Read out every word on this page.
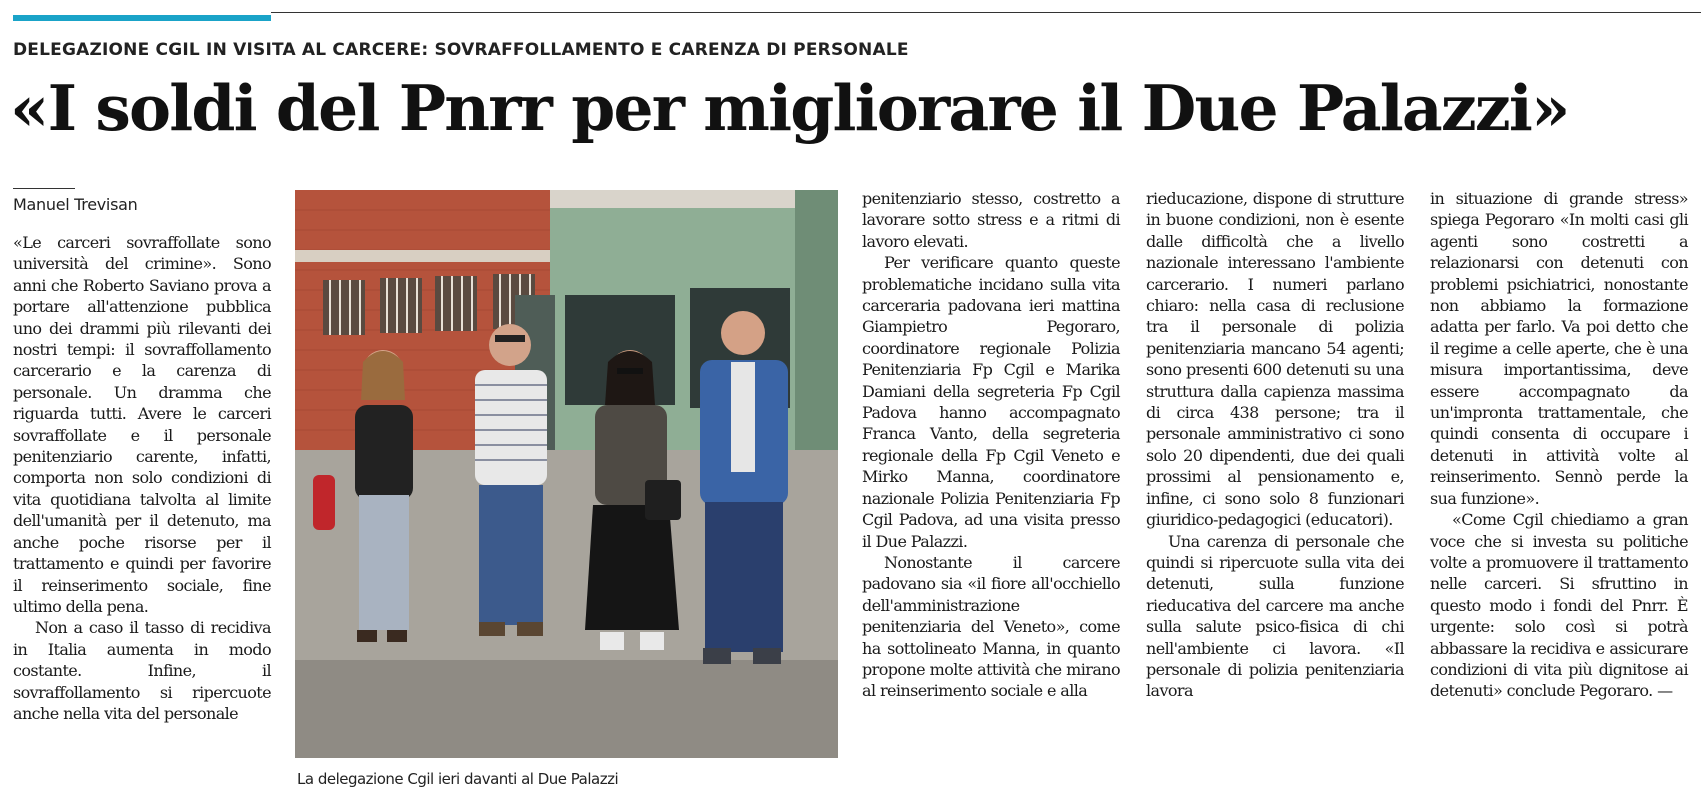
DELEGAZIONE CGIL IN VISITA AL CARCERE: SOVRAFFOLLAMENTO E CARENZA DI PERSONALE
«I soldi del Pnrr per migliorare il Due Palazzi»
Manuel Trevisan

«Le carceri sovraffollate sono università del crimine». Sono anni che Roberto Saviano prova a portare all'attenzione pubblica uno dei drammi più rilevanti dei nostri tempi: il sovraffollamento carcerario e la carenza di personale. Un dramma che riguarda tutti. Avere le carceri sovraffollate e il personale penitenziario carente, infatti, comporta non solo condizioni di vita quotidiana talvolta al limite dell'umanità per il detenuto, ma anche poche risorse per il trattamento e quindi per favorire il reinserimento sociale, fine ultimo della pena.

Non a caso il tasso di recidiva in Italia aumenta in modo costante. Infine, il sovraffollamento si ripercuote anche nella vita del personale

La delegazione Cgil ieri davanti al Due Palazzi

penitenziario stesso, costretto a lavorare sotto stress e a ritmi di lavoro elevati.

Per verificare quanto queste problematiche incidano sulla vita carceraria padovana ieri mattina Giampietro Pegoraro, coordinatore regionale Polizia Penitenziaria Fp Cgil e Marika Damiani della segreteria Fp Cgil Padova hanno accompagnato Franca Vanto, della segreteria regionale della Fp Cgil Veneto e Mirko Manna, coordinatore nazionale Polizia Penitenziaria Fp Cgil Padova, ad una visita presso il Due Palazzi.

Nonostante il carcere padovano sia «il fiore all'occhiello dell'amministrazione penitenziaria del Veneto», come ha sottolineato Manna, in quanto propone molte attività che mirano al reinserimento sociale e alla

rieducazione, dispone di strutture in buone condizioni, non è esente dalle difficoltà che a livello nazionale interessano l'ambiente carcerario. I numeri parlano chiaro: nella casa di reclusione tra il personale di polizia penitenziaria mancano 54 agenti; sono presenti 600 detenuti su una struttura dalla capienza massima di circa 438 persone; tra il personale amministrativo ci sono solo 20 dipendenti, due dei quali prossimi al pensionamento e, infine, ci sono solo 8 funzionari giuridico-pedagogici (educatori).

Una carenza di personale che quindi si ripercuote sulla vita dei detenuti, sulla funzione rieducativa del carcere ma anche sulla salute psico-fisica di chi nell'ambiente ci lavora. «Il personale di polizia penitenziaria lavora

in situazione di grande stress» spiega Pegoraro «In molti casi gli agenti sono costretti a relazionarsi con detenuti con problemi psichiatrici, nonostante non abbiamo la formazione adatta per farlo. Va poi detto che il regime a celle aperte, che è una misura importantissima, deve essere accompagnato da un'impronta trattamentale, che quindi consenta di occupare i detenuti in attività volte al reinserimento. Sennò perde la sua funzione».

«Come Cgil chiediamo a gran voce che si investa su politiche volte a promuovere il trattamento nelle carceri. Si sfruttino in questo modo i fondi del Pnrr. È urgente: solo così si potrà abbassare la recidiva e assicurare condizioni di vita più dignitose ai detenuti» conclude Pegoraro. —
